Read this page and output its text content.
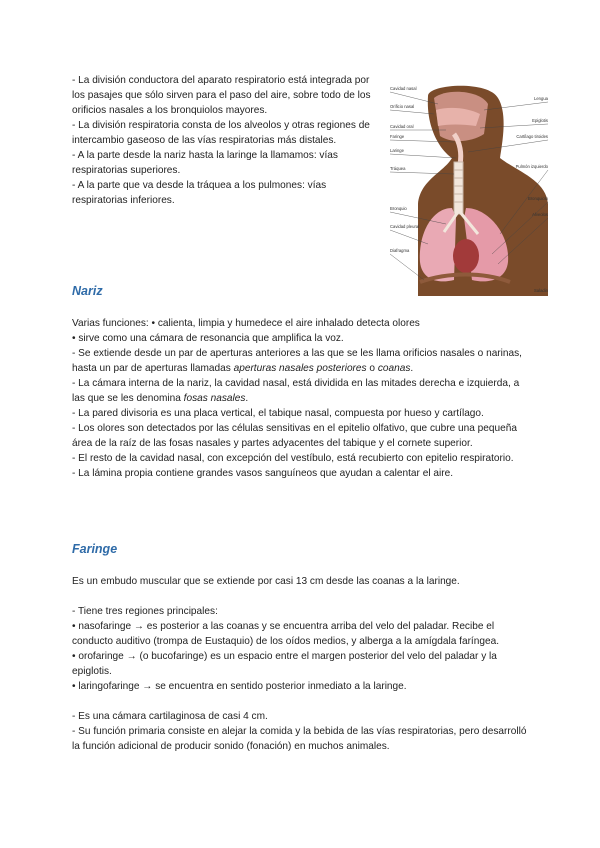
- La división conductora del aparato respiratorio está integrada por los pasajes que sólo sirven para el paso del aire, sobre todo de los orificios nasales a los bronquiolos mayores.

- La división respiratoria consta de los alveolos y otras regiones de intercambio gaseoso de las vías respiratorias más distales.

- A la parte desde la nariz hasta la laringe la llamamos: vías respiratorias superiores.

- A la parte que va desde la tráquea a los pulmones: vías respiratorias inferiores.

Cavidad nasal
Orificio nasal
Cavidad oral
Faringe
Laringe
Tráquea
Bronquio
Cavidad pleural
Diafragma
Lengua
Epiglotis
Cartílago tiroides
Pulmón izquierdo
Bronquiolo
Alveolos
Saladin
Nariz

Varias funciones: • calienta, limpia y humedece el aire inhalado detecta olores

• sirve como una cámara de resonancia que amplifica la voz.

- Se extiende desde un par de aperturas anteriores a las que se les llama orificios nasales o narinas, hasta un par de aperturas llamadas aperturas nasales posteriores o coanas.

- La cámara interna de la nariz, la cavidad nasal, está dividida en las mitades derecha e izquierda, a las que se les denomina fosas nasales.

- La pared divisoria es una placa vertical, el tabique nasal, compuesta por hueso y cartílago.

- Los olores son detectados por las células sensitivas en el epitelio olfativo, que cubre una pequeña área de la raíz de las fosas nasales y partes adyacentes del tabique y el cornete superior.

- El resto de la cavidad nasal, con excepción del vestíbulo, está recubierto con epitelio respiratorio.

- La lámina propia contiene grandes vasos sanguíneos que ayudan a calentar el aire.

Faringe

Es un embudo muscular que se extiende por casi 13 cm desde las coanas a la laringe.

- Tiene tres regiones principales:

• nasofaringe → es posterior a las coanas y se encuentra arriba del velo del paladar. Recibe el conducto auditivo (trompa de Eustaquio) de los oídos medios, y alberga a la amígdala faríngea.

• orofaringe → (o bucofaringe) es un espacio entre el margen posterior del velo del paladar y la epiglotis.

• laringofaringe → se encuentra en sentido posterior inmediato a la laringe.

- Es una cámara cartilaginosa de casi 4 cm.

- Su función primaria consiste en alejar la comida y la bebida de las vías respiratorias, pero desarrolló la función adicional de producir sonido (fonación) en muchos animales.
